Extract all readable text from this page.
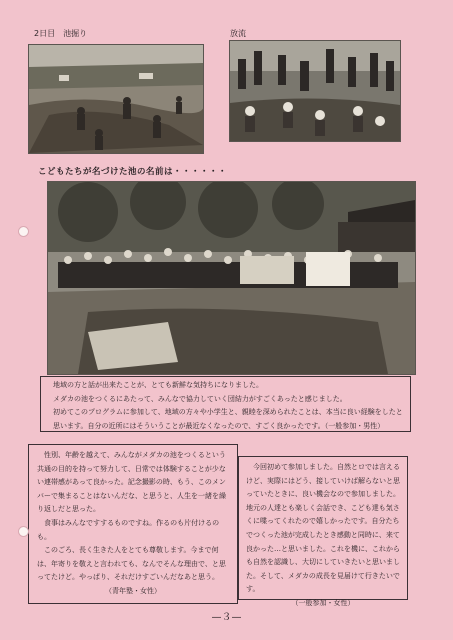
2日目　池掘り	放流
こどもたちが名づけた池の名前は・・・・・・

地域の方と話が出来たことが、とても新鮮な気持ちになりました。

メダカの池をつくるにあたって、みんなで協力していく団結力がすごくあったと感じました。

初めてこのプログラムに参加して、地域の方々や小学生と、親睦を深められたことは、本当に良い経験をしたと思います。自分の近所にはそういうことが最近なくなったので、すごく良かったです。（一般参加・男性）

性別、年齢を越えて、みんながメダカの池をつくるという共通の目的を持って努力して、日常では体験することが少ない連帯感があって良かった。記念撮影の時、もう、このメンバーで集まることはないんだな、と思うと、人生を一緒を繰り返しだと思った。

食事はみんなですするものですね。作るのも片付けるのも。

このごろ、長く生きた人をとても尊敬します。今まで何は、年寄りを敬えと言われても、なんでそんな理由で、と思ってたけど。やっぱり、それだけすごいんだなあと思う。

（青年塾・女性）

今回初めて参加しました。自然とロでは言えるけど、実際にはどう、接していけば解らないと思っていたときに、良い機会なので参加しました。

地元の人達とも楽しく会話でき、こども達も気さくに喋ってくれたので嬉しかったです。自分たちでつくった池が完成したとき感動と同時に、来て良かった…と思いました。これを機に、これからも自然を認識し、大切にしていきたいと思いました。そして、メダカの成長を見届けて行きたいです。

（一般参加・女性）

—３—
